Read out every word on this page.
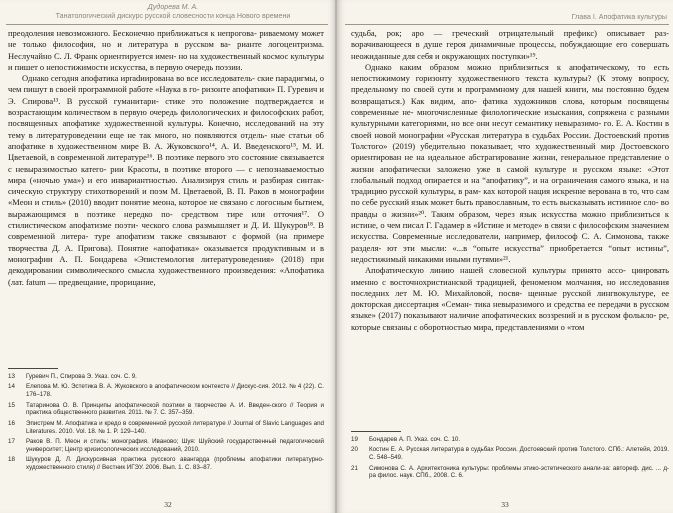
Дудорева М. А.
Танатологический дискурс русской словесности конца Нового времени

преодоления невозможного. Бесконечно приближаться к непрогова- риваемому может не только философия, но и литература в русском ва- рианте логоцентризма. Неслучайно С. Л. Франк ориентируется имен- но на художественный космос культуры и пишет о непостижимости искусства, в первую очередь поэзии.

Однако сегодня апофатика ирradиирована во все исследователь- ские парадигмы, о чем пишут в своей программной работе «Наука в го- ризонте апофатики» П. Гуревич и Э. Спирова¹³. В русской гуманитари- стике это положение подтверждается и возрастающим количеством в первую очередь филологических и философских работ, посвященных апофатике художественной культуры. Конечно, исследований на эту тему в литературоведении еще не так много, но появляются отдель- ные статьи об апофатике в художественном мире В. А. Жуковского¹⁴, А. И. Введенского¹⁵, М. И. Цветаевой, в современной литературе¹⁶. В поэтике первого это состояние связывается с невыразимостью катего- рии Красоты, в поэтике второго — с непознаваемостью мира («ночью ума») и его инвариантностью. Анализируя стиль и разбирая синтак- сическую структуру стихотворений и поэм М. Цветаевой, В. П. Раков в монографии «Меон и стиль» (2010) вводит понятие меона, которое не связано с логосным бытием, выражающимся в поэтике нередко по- средством тире или отточия¹⁷. О стилистическом апофатизме поэти- ческого слова размышляет и Д. И. Шукуров¹⁸. В современной литера- туре апофатизм также связывают с формой (на примере творчества Д. А. Пригова). Понятие «апофатика» оказывается продуктивным и в монографии А. П. Бондарева «Эпистемология литературоведения» (2018) при декодировании символического смысла художественного произведения: «Апофатика (лат. fatum — предвещание, прорицание,

13	Гуревич П., Спирова Э. Указ. соч. С. 9.
14	Елепова М. Ю. Эстетика В. А. Жуковского в апофатическом контексте // Дискус-сия. 2012. № 4 (22). С. 176–178.
15	Татаринова О. В. Принципы апофатической поэтики в творчестве А. И. Введен-ского // Теория и практика общественного развития. 2011. № 7. С. 357–359.
16	Эпистрем М. Апофатика и кредо в современной русской литературе // Journal of Slavic Languages and Literatures. 2010. Vol. 18. № 1. P. 129–140.
17	Раков В. П. Меон и стиль: монография. Иваново; Шуя: Шуйский государственный педагогический университет; Центр кризисологических исследований, 2010.
18	Шукуров Д. Л. Дискурсивная практика русского авангарда (проблемы апофатики литературно-художественного стиля) // Вестник ИГЭУ. 2006. Вып. 1. С. 83–87.
32
Глава I. Апофатика культуры

судьба, рок; apo — греческий отрицательный префикс) описывает раз- ворачивающееся в душе героя динамичные процессы, побуждающие его совершать неожиданные для себя и окружающих поступки»¹⁹.

Однако каким образом можно приблизиться к апофатическому, то есть непостижимому горизонту художественного текста культуры? (К этому вопросу, предельному по своей сути и программному для нашей книги, мы постоянно будем возвращаться.) Как видим, апо- фатика художников слова, которым посвящены современные не- многочисленные филологические изыскания, сопряжена с разными культурными категориями, но все они несут семантику невыразимо- го. Е. А. Костин в своей новой монографии «Русская литература в судьбах России. Достоевский против Толстого» (2019) убедительно показывает, что художественный мир Достоевского ориентирован не на идеальное абстрагирование жизни, генеральное представление о жизни апофатически заложено уже в самой культуре и русском языке: «Этот глобальный подход опирается и на “апофатику”, и на ограничения самого языка, и на традицию русской культуры, в рам- ках которой нация искренне верована в то, что сам по себе русский язык может быть православным, то есть высказывать истинное сло- во правды о жизни»²⁰. Таким образом, через язык искусства можно приблизиться к истине, о чем писал Г. Гадамер в «Истине и методе» в связи с философским значением искусства. Современные исследователи, например, философ С. А. Симонова, также разделя- ют эти мысли: «...в “опыте искусства” приобретается “опыт истины”, недостижимый никакими иными путями»²¹.

Апофатическую линию нашей словесной культуры принято ассо- циировать именно с восточнохристианской традицией, феноменом молчания, но исследования последних лет М. Ю. Михайловой, посвя- щенные русской лингвокультуре, ее докторская диссертация «Семан- тика невыразимого и средства ее передачи в русском языке» (2017) показывают наличие апофатических воззрений и в русском фолькло- ре, которые связаны с оборотностью мира, представлениями о «том

19	Бондарев А. П. Указ. соч. С. 10.
20	Костин Е. А. Русская литература в судьбах России. Достоевский против Толстого. СПб.: Алетейя, 2019. С. 548–549.
21	Симонова С. А. Архитектоника культуры: проблемы этико-эстетического анали-за: автореф. дис. ... д-ра филос. наук. СПб., 2008. С. 6.
33
